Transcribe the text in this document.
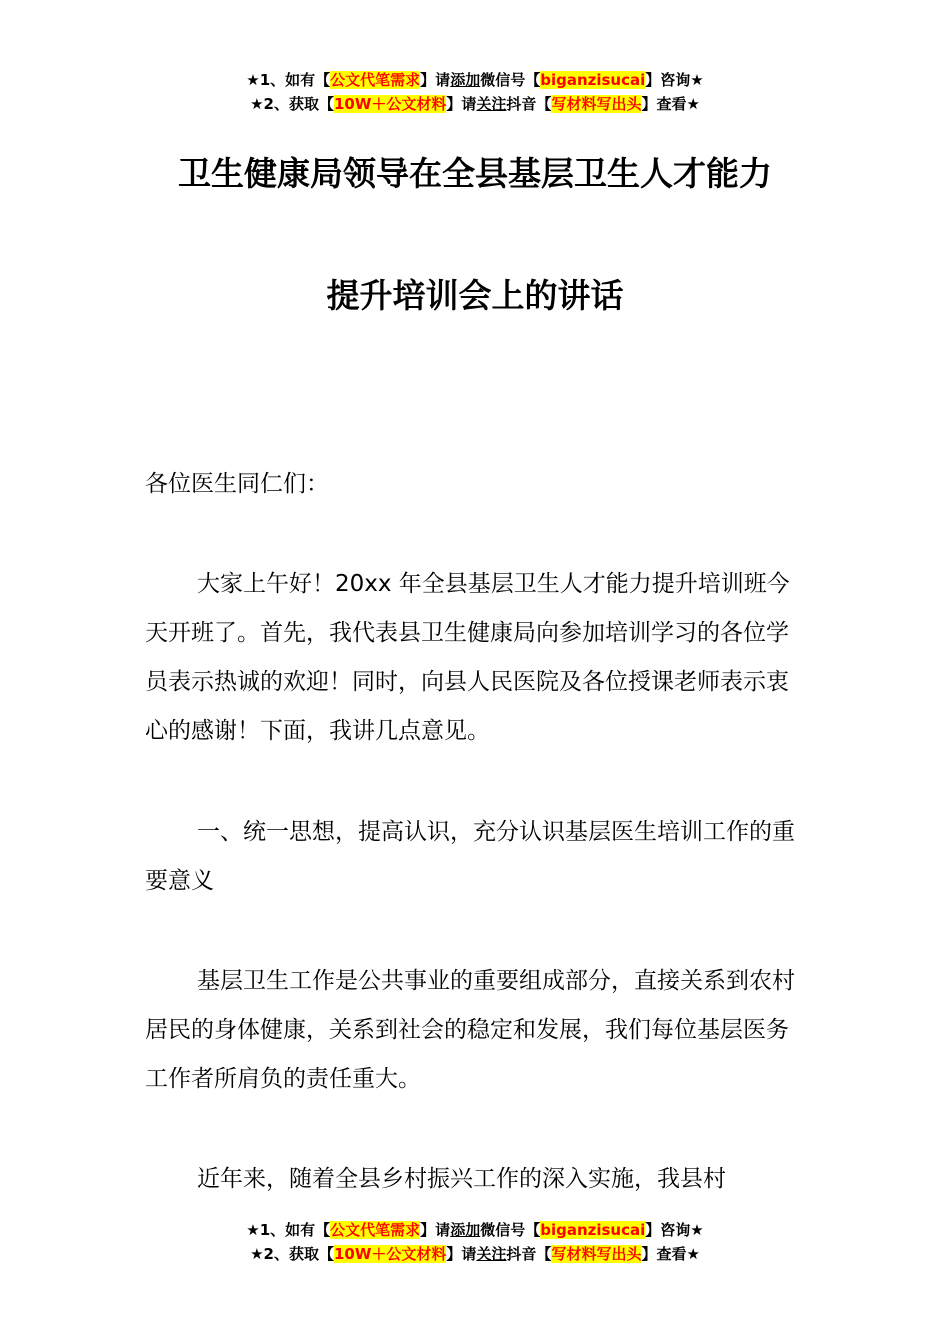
★1、如有【公文代笔需求】请添加微信号【biganzisucai】咨询★
★2、获取【10W＋公文材料】请关注抖音【写材料写出头】查看★
卫生健康局领导在全县基层卫生人才能力
提升培训会上的讲话
各位医生同仁们：
大家上午好！20xx 年全县基层卫生人才能力提升培训班今天开班了。首先，我代表县卫生健康局向参加培训学习的各位学员表示热诚的欢迎！同时，向县人民医院及各位授课老师表示衷心的感谢！下面，我讲几点意见。
一、统一思想，提高认识，充分认识基层医生培训工作的重要意义
基层卫生工作是公共事业的重要组成部分，直接关系到农村居民的身体健康，关系到社会的稳定和发展，我们每位基层医务工作者所肩负的责任重大。
近年来，随着全县乡村振兴工作的深入实施，我县村
★1、如有【公文代笔需求】请添加微信号【biganzisucai】咨询★
★2、获取【10W＋公文材料】请关注抖音【写材料写出头】查看★
